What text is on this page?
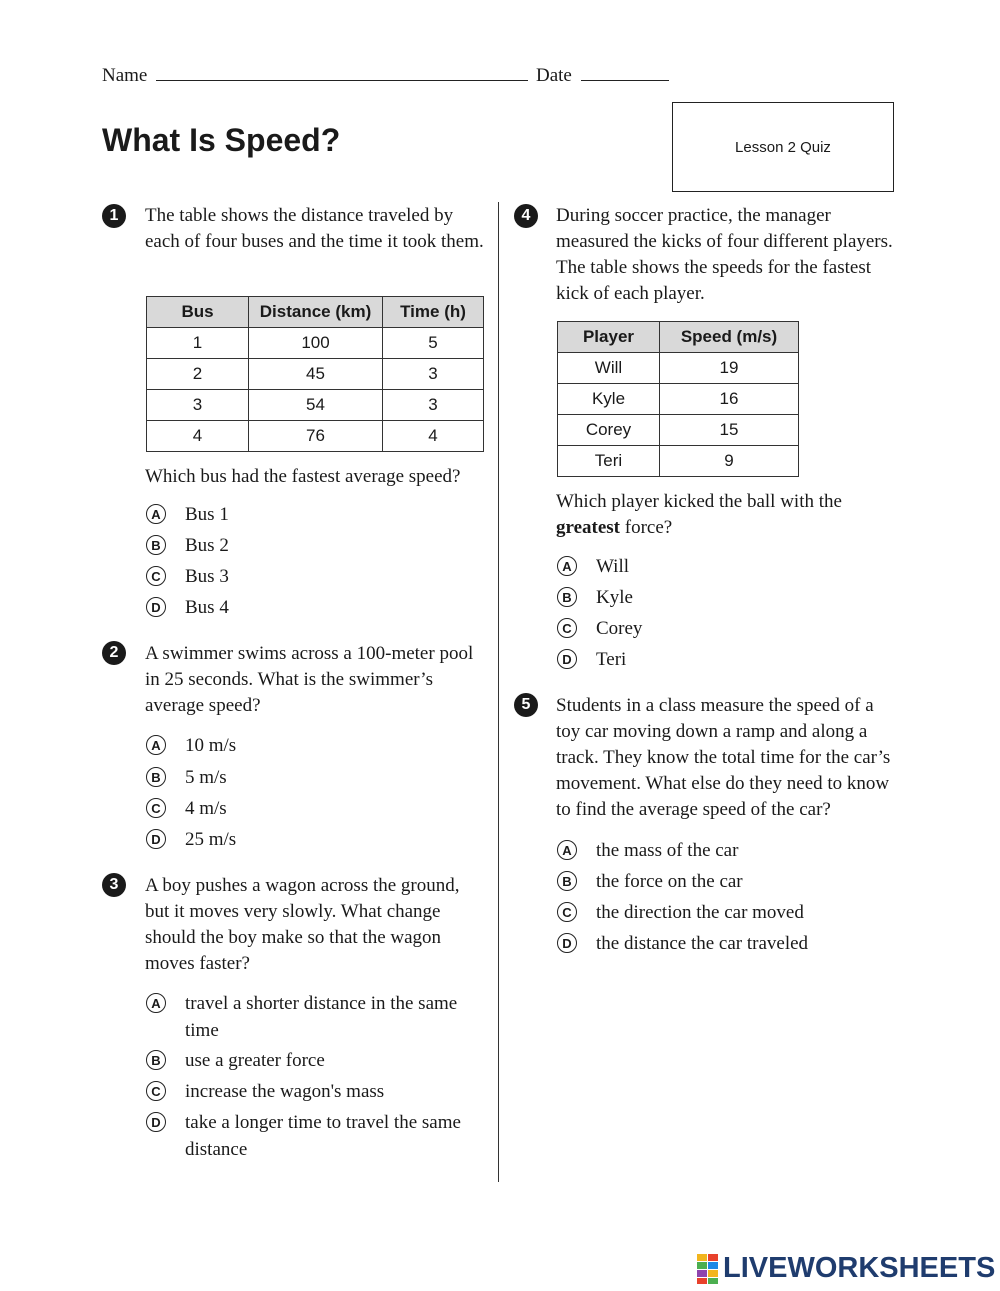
Name	Date
What Is Speed?	Lesson 2 Quiz
1	The table shows the distance traveled by each of four buses and the time it took them.
Bus	Distance (km)	Time (h)
1	100	5
2	45	3
3	54	3
4	76	4
Which bus had the fastest average speed?
A Bus 1
B Bus 2
C Bus 3
D Bus 4
2	A swimmer swims across a 100-meter pool in 25 seconds. What is the swimmer’s average speed?
A 10 m/s
B 5 m/s
C 4 m/s
D 25 m/s
3	A boy pushes a wagon across the ground, but it moves very slowly. What change should the boy make so that the wagon moves faster?
A travel a shorter distance in the same time
B use a greater force
C increase the wagon's mass
D take a longer time to travel the same distance
4	During soccer practice, the manager measured the kicks of four different players. The table shows the speeds for the fastest kick of each player.
Player	Speed (m/s)
Will	19
Kyle	16
Corey	15
Teri	9
Which player kicked the ball with the
greatest force?
A Will
B Kyle
C Corey
D Teri
5	Students in a class measure the speed of a toy car moving down a ramp and along a track. They know the total time for the car’s movement. What else do they need to know to find the average speed of the car?
A the mass of the car
B the force on the car
C the direction the car moved
D the distance the car traveled
LIVEWORKSHEETS
